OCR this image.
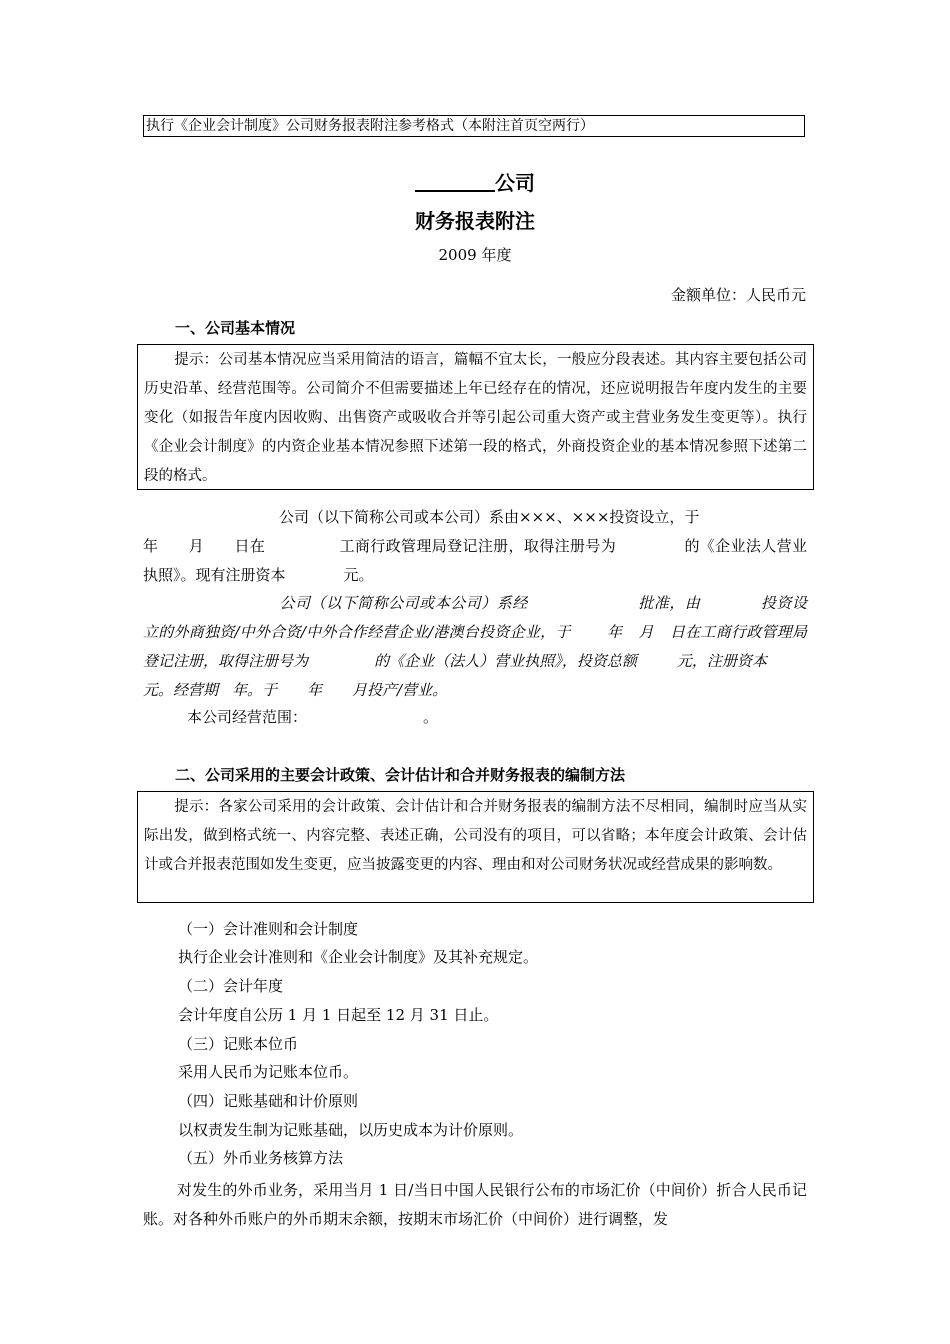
执行《企业会计制度》公司财务报表附注参考格式（本附注首页空两行）
公司
财务报表附注
2009 年度
金额单位：人民币元
一、公司基本情况
提示：公司基本情况应当采用简洁的语言，篇幅不宜太长，一般应分段表述。其内容主要包括公司历史沿革、经营范围等。公司简介不但需要描述上年已经存在的情况，还应说明报告年度内发生的主要变化（如报告年度内因收购、出售资产或吸收合并等引起公司重大资产或主营业务发生变更等）。执行《企业会计制度》的内资企业基本情况参照下述第一段的格式，外商投资企业的基本情况参照下述第二段的格式。
公司（以下简称公司或本公司）系由×××、×××投资设立，于
年 月 日在	工商行政管理局登记注册，取得注册号为	的《企业法人营业执照》。现有注册资本	元。
公司（以下简称公司或本公司）系经	批准，由	投资设立的外商独资/中外合资/中外合作经营企业/港澳台投资企业，于 年 月 日在工商行政管理局登记注册，取得注册号为	的《企业（法人）营业执照》，投资总额	元，注册资本元。经营期 年。于 年 月投产/营业。
本公司经营范围：	。
二、公司采用的主要会计政策、会计估计和合并财务报表的编制方法
提示：各家公司采用的会计政策、会计估计和合并财务报表的编制方法不尽相同，编制时应当从实际出发，做到格式统一、内容完整、表述正确，公司没有的项目，可以省略；本年度会计政策、会计估计或合并报表范围如发生变更，应当披露变更的内容、理由和对公司财务状况或经营成果的影响数。
（一）会计准则和会计制度
执行企业会计准则和《企业会计制度》及其补充规定。
（二）会计年度
会计年度自公历 1 月 1 日起至 12 月 31 日止。
（三）记账本位币
采用人民币为记账本位币。
（四）记账基础和计价原则
以权责发生制为记账基础，以历史成本为计价原则。
（五）外币业务核算方法
对发生的外币业务，采用当月 1 日/当日中国人民银行公布的市场汇价（中间价）折合人民币记账。对各种外币账户的外币期末余额，按期末市场汇价（中间价）进行调整，发
